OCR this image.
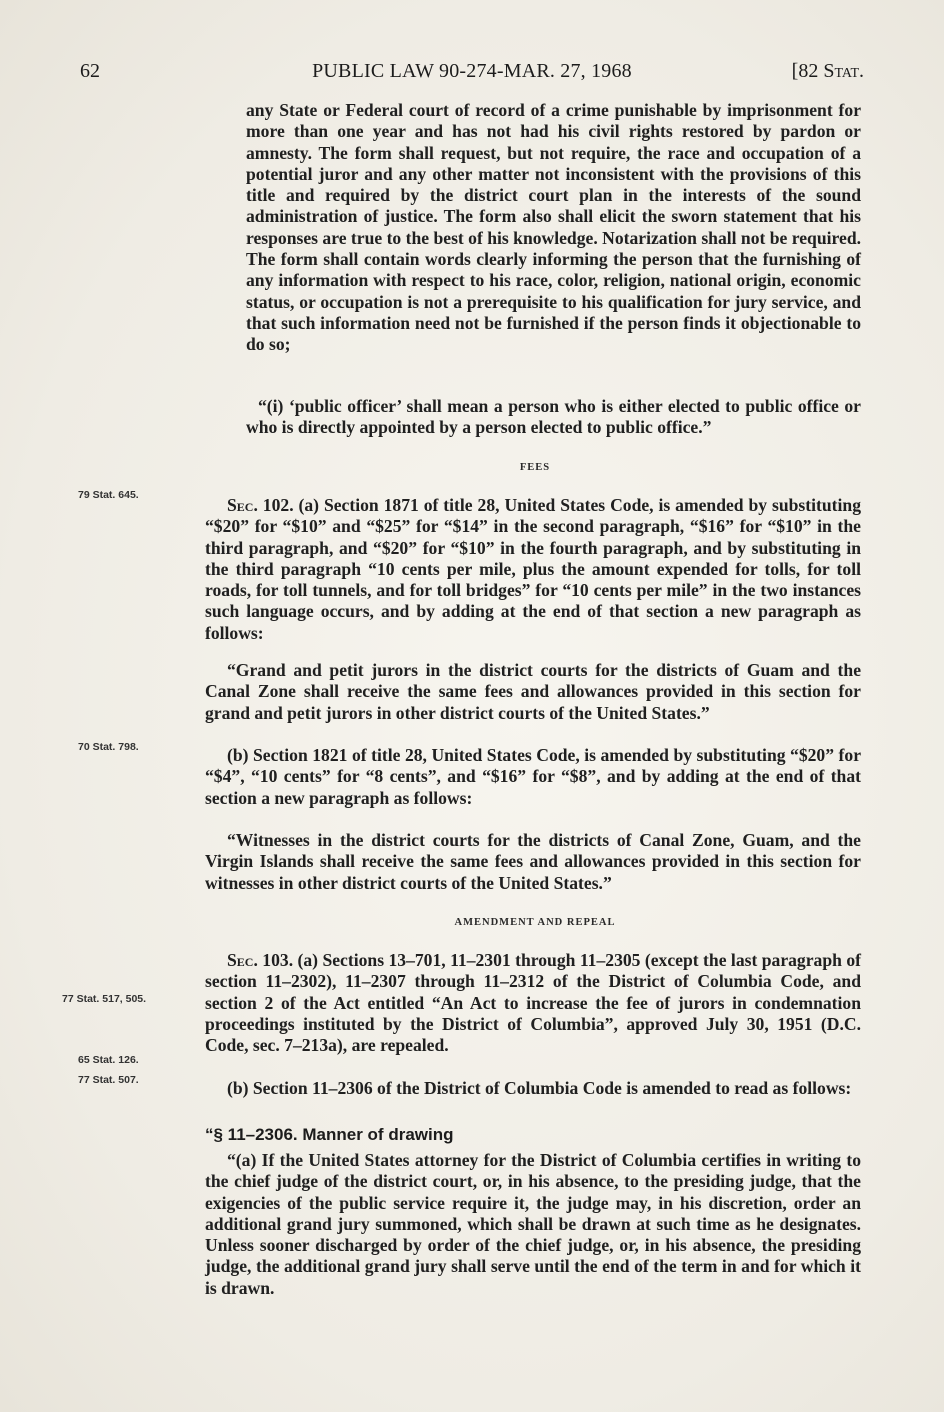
62	PUBLIC LAW 90-274-MAR. 27, 1968	[82 Stat.
any State or Federal court of record of a crime punishable by imprisonment for more than one year and has not had his civil rights restored by pardon or amnesty. The form shall request, but not require, the race and occupation of a potential juror and any other matter not inconsistent with the provisions of this title and required by the district court plan in the interests of the sound administration of justice. The form also shall elicit the sworn statement that his responses are true to the best of his knowledge. Notarization shall not be required. The form shall contain words clearly informing the person that the furnishing of any information with respect to his race, color, religion, national origin, economic status, or occupation is not a prerequisite to his qualification for jury service, and that such information need not be furnished if the person finds it objectionable to do so;
“(i) ‘public officer’ shall mean a person who is either elected to public office or who is directly appointed by a person elected to public office.”
FEES
79 Stat. 645.	Sec. 102. (a) Section 1871 of title 28, United States Code, is amended by substituting “$20” for “$10” and “$25” for “$14” in the second paragraph, “$16” for “$10” in the third paragraph, and “$20” for “$10” in the fourth paragraph, and by substituting in the third paragraph “10 cents per mile, plus the amount expended for tolls, for toll roads, for toll tunnels, and for toll bridges” for “10 cents per mile” in the two instances such language occurs, and by adding at the end of that section a new paragraph as follows:
“Grand and petit jurors in the district courts for the districts of Guam and the Canal Zone shall receive the same fees and allowances provided in this section for grand and petit jurors in other district courts of the United States.”
70 Stat. 798.	(b) Section 1821 of title 28, United States Code, is amended by substituting “$20” for “$4”, “10 cents” for “8 cents”, and “$16” for “$8”, and by adding at the end of that section a new paragraph as follows:
“Witnesses in the district courts for the districts of Canal Zone, Guam, and the Virgin Islands shall receive the same fees and allowances provided in this section for witnesses in other district courts of the United States.”
AMENDMENT AND REPEAL
77 Stat. 517, 505.
Sec. 103. (a) Sections 13–701, 11–2301 through 11–2305 (except the last paragraph of section 11–2302), 11–2307 through 11–2312 of the District of Columbia Code, and section 2 of the Act entitled “An Act to increase the fee of jurors in condemnation proceedings instituted by the District of Columbia”, approved July 30, 1951 (D.C. Code, sec. 7–213a), are repealed.
65 Stat. 126.
77 Stat. 507.	(b) Section 11–2306 of the District of Columbia Code is amended to read as follows:
“§ 11–2306. Manner of drawing
“(a) If the United States attorney for the District of Columbia certifies in writing to the chief judge of the district court, or, in his absence, to the presiding judge, that the exigencies of the public service require it, the judge may, in his discretion, order an additional grand jury summoned, which shall be drawn at such time as he designates. Unless sooner discharged by order of the chief judge, or, in his absence, the presiding judge, the additional grand jury shall serve until the end of the term in and for which it is drawn.
